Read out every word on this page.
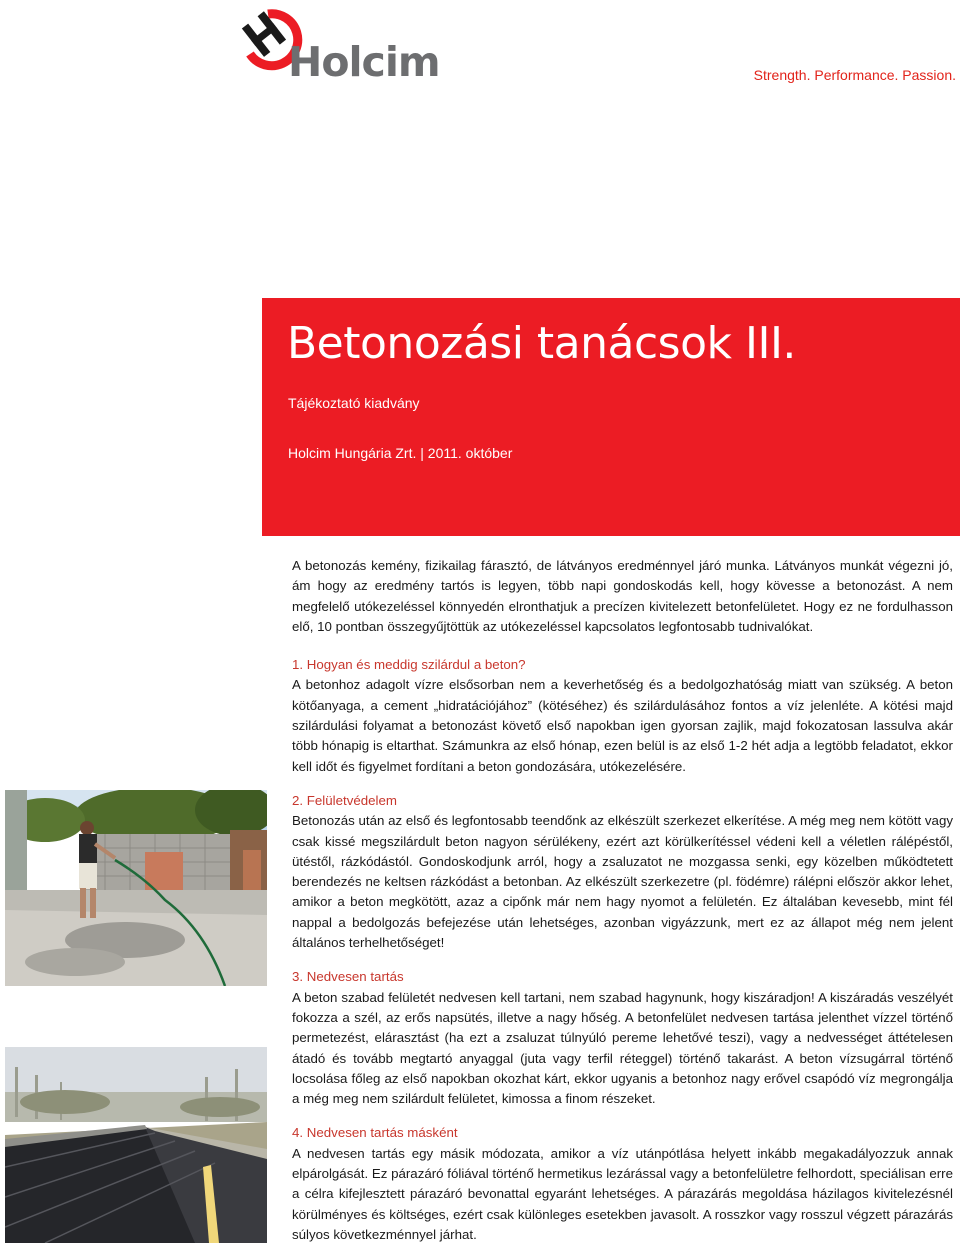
Holcim	Strength. Performance. Passion.
Betonozási tanácsok III.
Tájékoztató kiadvány
Holcim Hungária Zrt. | 2011. október

A betonozás kemény, fizikailag fárasztó, de látványos eredménnyel járó munka. Látványos munkát végezni jó, ám hogy az eredmény tartós is legyen, több napi gondoskodás kell, hogy kövesse a betonozást. A nem megfelelő utókezeléssel könnyedén elronthatjuk a precízen kivitelezett betonfelületet. Hogy ez ne fordulhasson elő, 10 pontban összegyűjtöttük az utókezeléssel kapcsolatos legfontosabb tudnivalókat.

1. Hogyan és meddig szilárdul a beton?

A betonhoz adagolt vízre elsősorban nem a keverhetőség és a bedolgozhatóság miatt van szükség. A beton kötőanyaga, a cement „hidratációjához” (kötéséhez) és szilárdulásához fontos a víz jelenléte. A kötési majd szilárdulási folyamat a betonozást követő első napokban igen gyorsan zajlik, majd fokozatosan lassulva akár több hónapig is eltarthat. Számunkra az első hónap, ezen belül is az első 1-2 hét adja a legtöbb feladatot, ekkor kell időt és figyelmet fordítani a beton gondozására, utókezelésére.

2. Felületvédelem

Betonozás után az első és legfontosabb teendőnk az elkészült szerkezet elkerítése. A még meg nem kötött vagy csak kissé megszilárdult beton nagyon sérülékeny, ezért azt körülkerítéssel védeni kell a véletlen rálépéstől, ütéstől, rázkódástól. Gondoskodjunk arról, hogy a zsaluzatot ne mozgassa senki, egy közelben működtetett berendezés ne keltsen rázkódást a betonban. Az elkészült szerkezetre (pl. födémre) rálépni először akkor lehet, amikor a beton megkötött, azaz a cipőnk már nem hagy nyomot a felületén. Ez általában kevesebb, mint fél nappal a bedolgozás befejezése után lehetséges, azonban vigyázzunk, mert ez az állapot még nem jelent általános terhelhetőséget!

3. Nedvesen tartás

A beton szabad felületét nedvesen kell tartani, nem szabad hagynunk, hogy kiszáradjon! A kiszáradás veszélyét fokozza a szél, az erős napsütés, illetve a nagy hőség. A betonfelület nedvesen tartása jelenthet vízzel történő permetezést, elárasztást (ha ezt a zsaluzat túlnyúló pereme lehetővé teszi), vagy a nedvességet áttételesen átadó és tovább megtartó anyaggal (juta vagy terfil réteggel) történő takarást. A beton vízsugárral történő locsolása főleg az első napokban okozhat kárt, ekkor ugyanis a betonhoz nagy erővel csapódó víz megrongálja a még meg nem szilárdult felületet, kimossa a finom részeket.

4. Nedvesen tartás másként

A nedvesen tartás egy másik módozata, amikor a víz utánpótlása helyett inkább megakadályozzuk annak elpárolgását. Ez párazáró fóliával történő hermetikus lezárással vagy a betonfelületre felhordott, speciálisan erre a célra kifejlesztett párazáró bevonattal egyaránt lehetséges. A párazárás megoldása házilagos kivitelezésnél körülményes és költséges, ezért csak különleges esetekben javasolt. A rosszkor vagy rosszul végzett párazárás súlyos következménnyel járhat.
